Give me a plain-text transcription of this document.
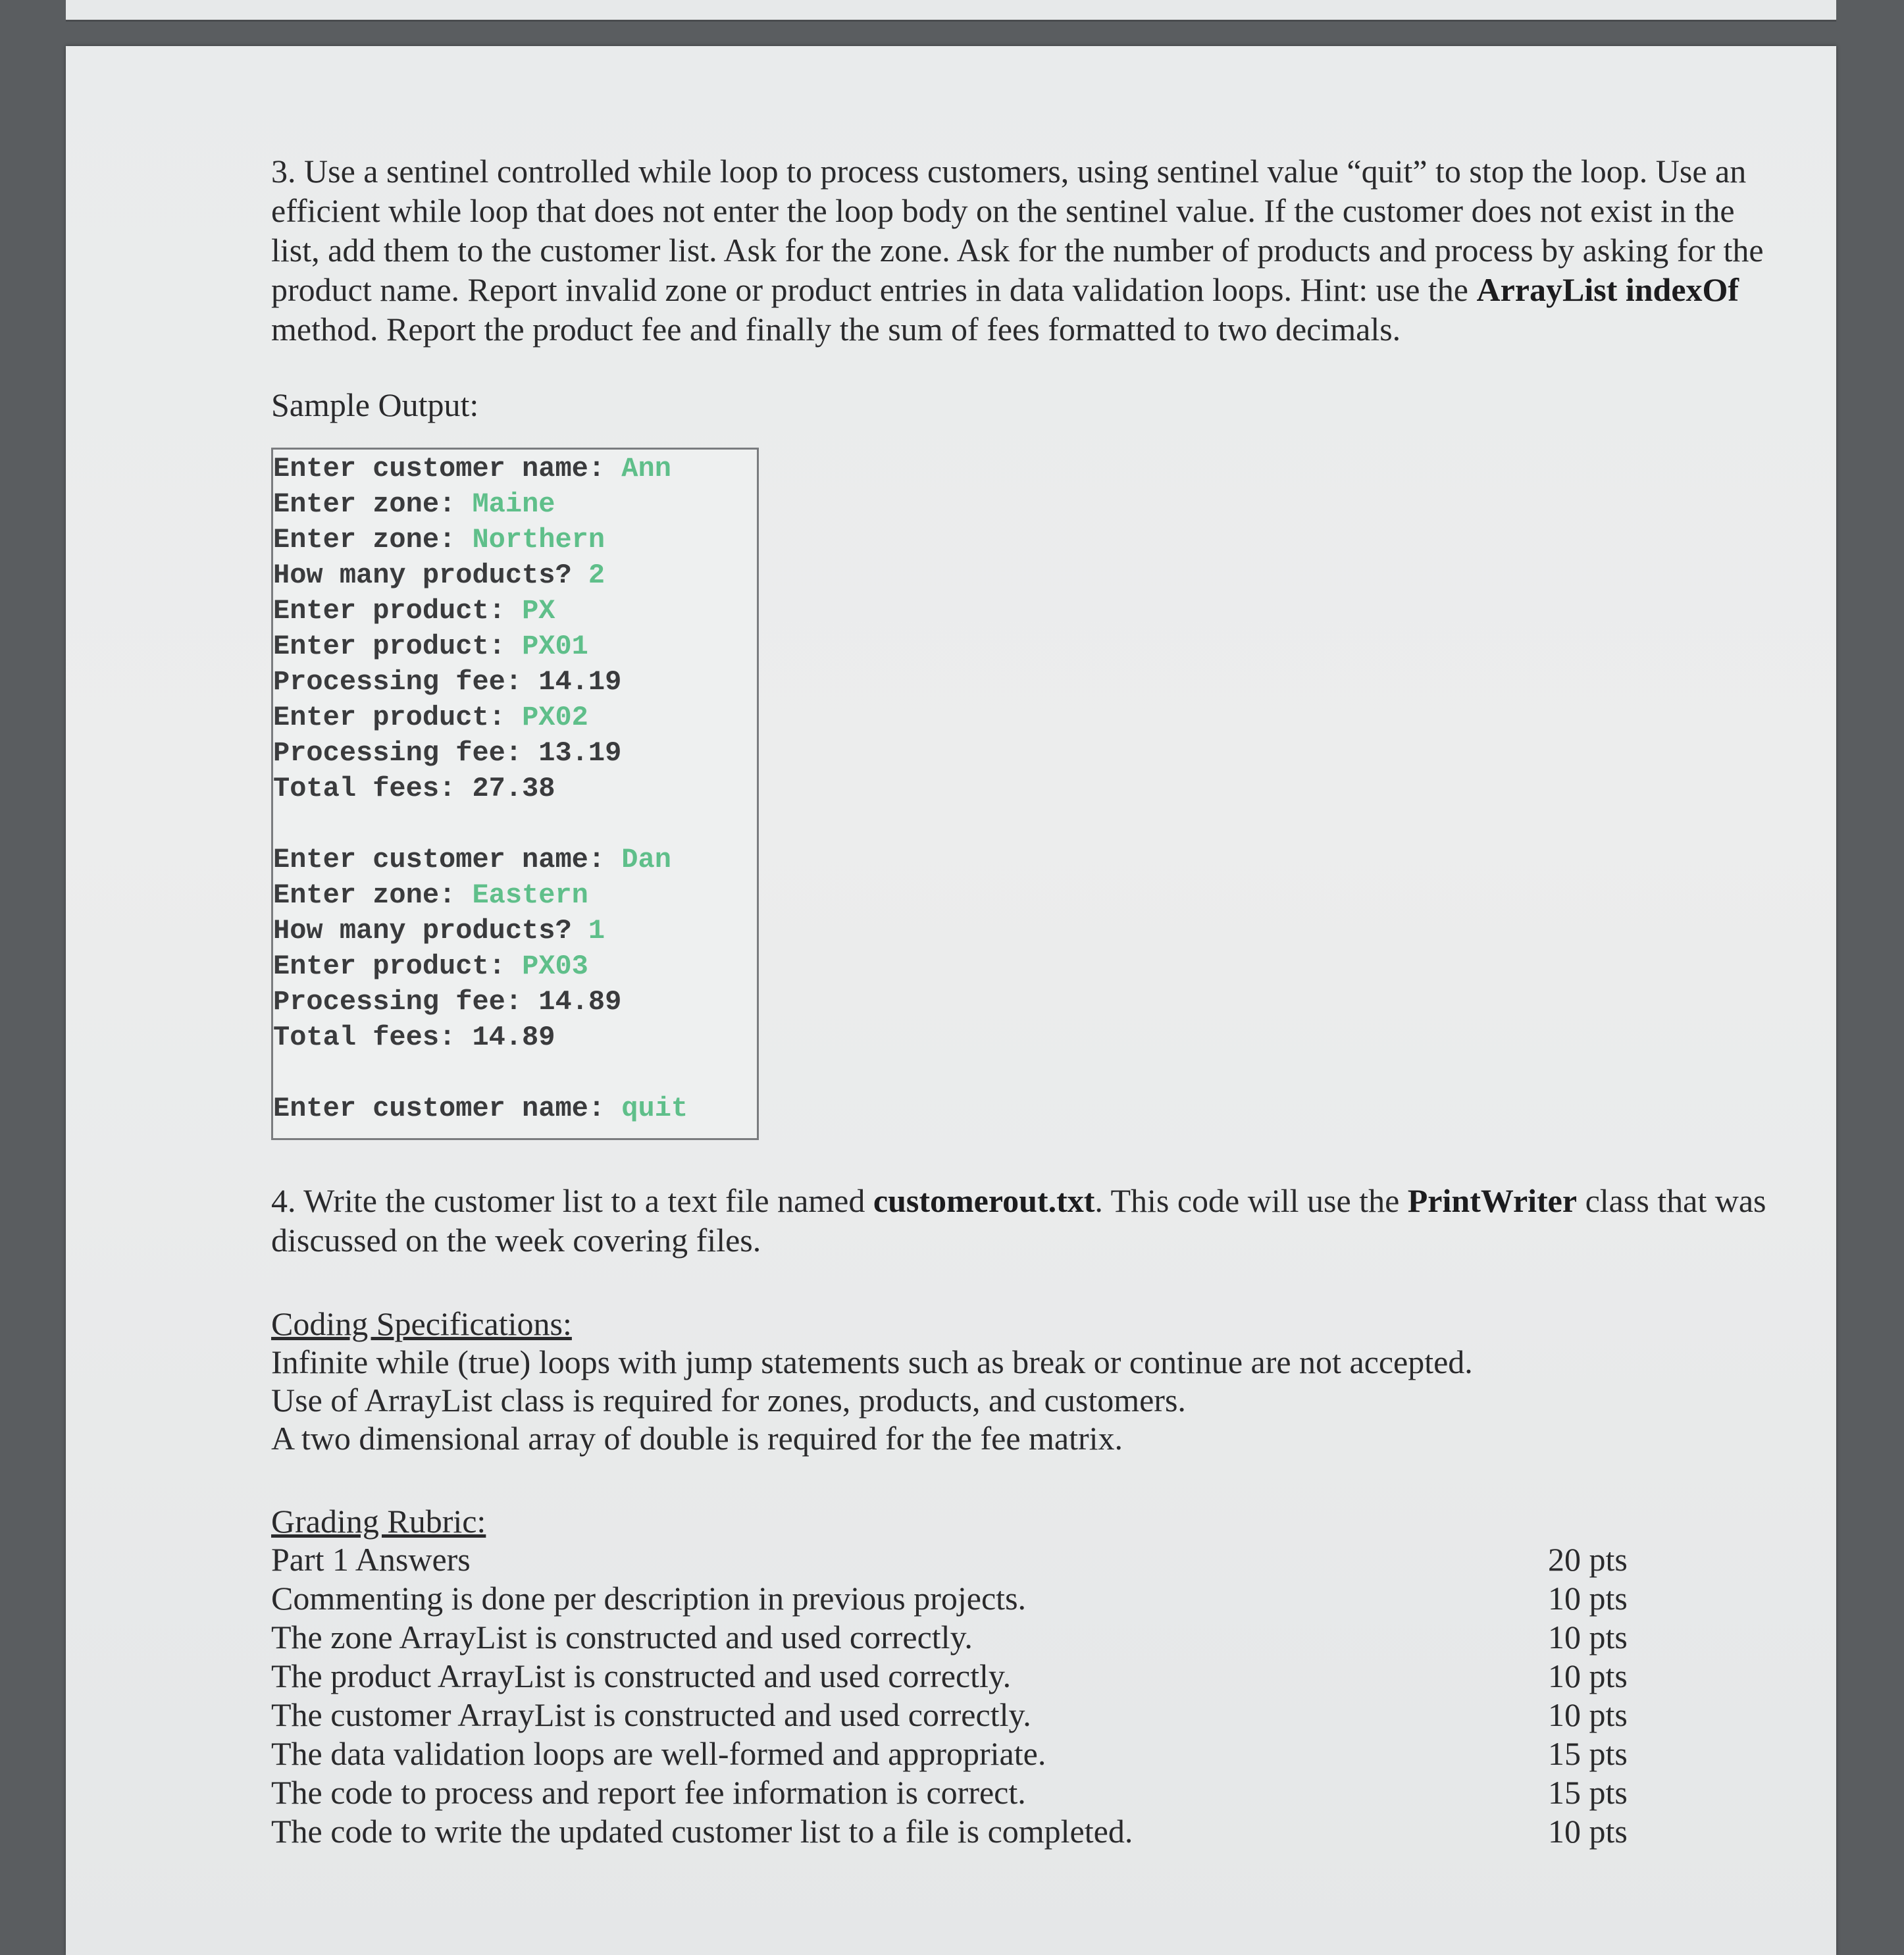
3. Use a sentinel controlled while loop to process customers, using sentinel value “quit” to stop the loop. Use an efficient while loop that does not enter the loop body on the sentinel value. If the customer does not exist in the list, add them to the customer list. Ask for the zone. Ask for the number of products and process by asking for the product name. Report invalid zone or product entries in data validation loops. Hint: use the ArrayList indexOf method. Report the product fee and finally the sum of fees formatted to two decimals.

Sample Output:
Enter customer name: Ann
Enter zone: Maine
Enter zone: Northern
How many products? 2
Enter product: PX
Enter product: PX01
Processing fee: 14.19
Enter product: PX02
Processing fee: 13.19
Total fees: 27.38
Enter customer name: Dan
Enter zone: Eastern
How many products? 1
Enter product: PX03
Processing fee: 14.89
Total fees: 14.89
Enter customer name: quit

4. Write the customer list to a text file named customerout.txt. This code will use the PrintWriter class that was discussed on the week covering files.

Coding Specifications:

Infinite while (true) loops with jump statements such as break or continue are not accepted.

Use of ArrayList class is required for zones, products, and customers.

A two dimensional array of double is required for the fee matrix.

Grading Rubric:
Part 1 Answers	20 pts
Commenting is done per description in previous projects.	10 pts
The zone ArrayList is constructed and used correctly.	10 pts
The product ArrayList is constructed and used correctly.	10 pts
The customer ArrayList is constructed and used correctly.	10 pts
The data validation loops are well-formed and appropriate.	15 pts
The code to process and report fee information is correct.	15 pts
The code to write the updated customer list to a file is completed.	10 pts
